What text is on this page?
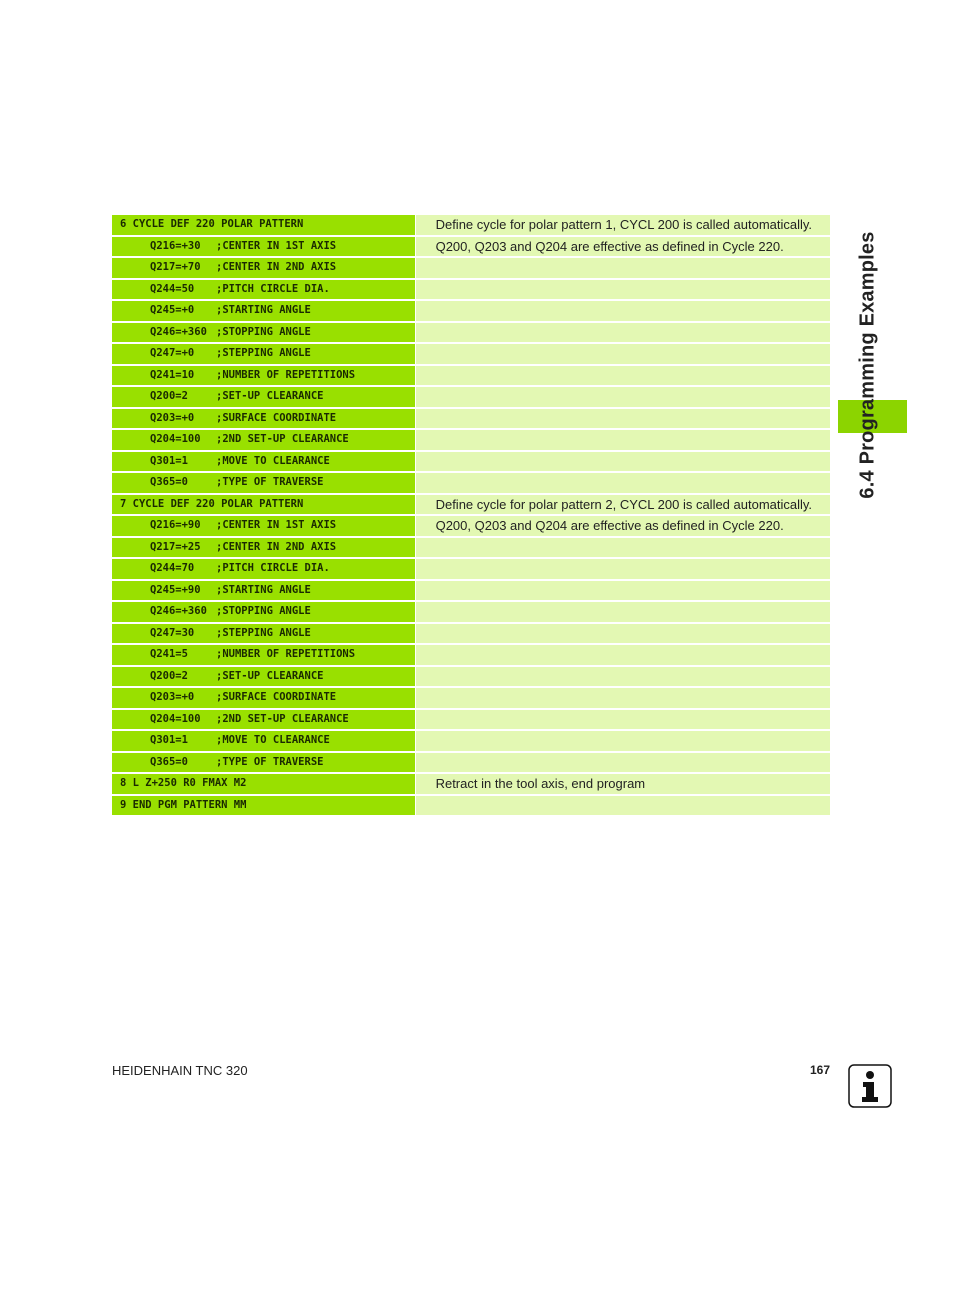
6 CYCLE DEF 220 POLAR PATTERN	Define cycle for polar pattern 1, CYCL 200 is called automatically.
Q216=+30 ;CENTER IN 1ST AXIS	Q200, Q203 and Q204 are effective as defined in Cycle 220.
Q217=+70 ;CENTER IN 2ND AXIS
Q244=50 ;PITCH CIRCLE DIA.
Q245=+0 ;STARTING ANGLE
Q246=+360 ;STOPPING ANGLE
Q247=+0 ;STEPPING ANGLE
Q241=10 ;NUMBER OF REPETITIONS
Q200=2	;SET-UP CLEARANCE
Q203=+0 ;SURFACE COORDINATE
Q204=100 ;2ND SET-UP CLEARANCE
Q301=1	;MOVE TO CLEARANCE
Q365=0	;TYPE OF TRAVERSE
7 CYCLE DEF 220 POLAR PATTERN	Define cycle for polar pattern 2, CYCL 200 is called automatically.
Q216=+90 ;CENTER IN 1ST AXIS	Q200, Q203 and Q204 are effective as defined in Cycle 220.
Q217=+25 ;CENTER IN 2ND AXIS
Q244=70 ;PITCH CIRCLE DIA.
Q245=+90 ;STARTING ANGLE
Q246=+360 ;STOPPING ANGLE
Q247=30 ;STEPPING ANGLE
Q241=5	;NUMBER OF REPETITIONS
Q200=2	;SET-UP CLEARANCE
Q203=+0 ;SURFACE COORDINATE
Q204=100 ;2ND SET-UP CLEARANCE
Q301=1	;MOVE TO CLEARANCE
Q365=0	;TYPE OF TRAVERSE
8 L Z+250 R0 FMAX M2	Retract in the tool axis, end program
9 END PGM PATTERN MM
6.4 Programming Examples
HEIDENHAIN TNC 320	167
